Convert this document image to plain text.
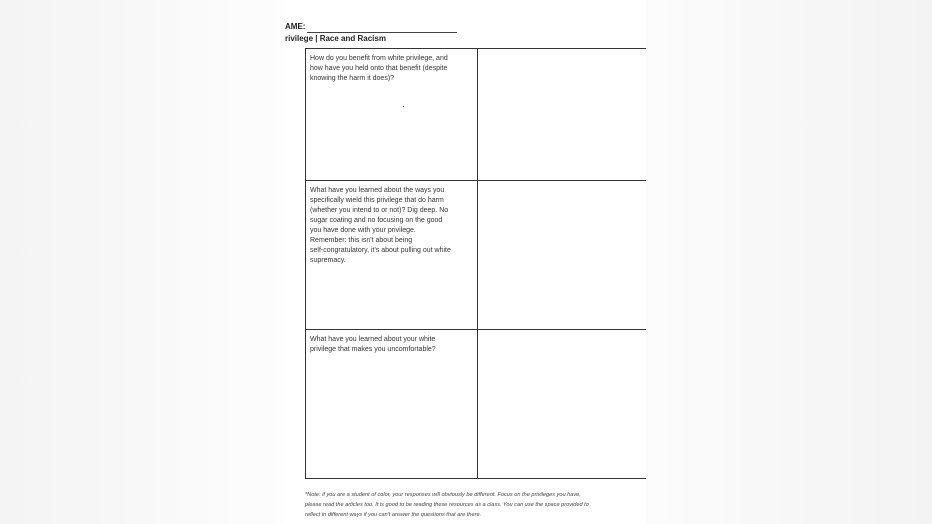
AME:
rivilege | Race and Racism
How do you benefit from white privilege, and
how have you held onto that benefit (despite
knowing the harm it does)?
What have you learned about the ways you
specifically wield this privilege that do harm
(whether you intend to or not)? Dig deep. No
sugar coating and no focusing on the good
you have done with your privilege.
Remember: this isn't about being
self-congratulatory, it's about pulling out white
supremacy.
What have you learned about your white
privilege that makes you uncomfortable?
*Note: if you are a student of color, your responses will obviously be different. Focus on the privileges you have,
please read the articles too. It is good to be reading these resources as a class. You can use the space provided to
reflect in different ways if you can't answer the questions that are there.
